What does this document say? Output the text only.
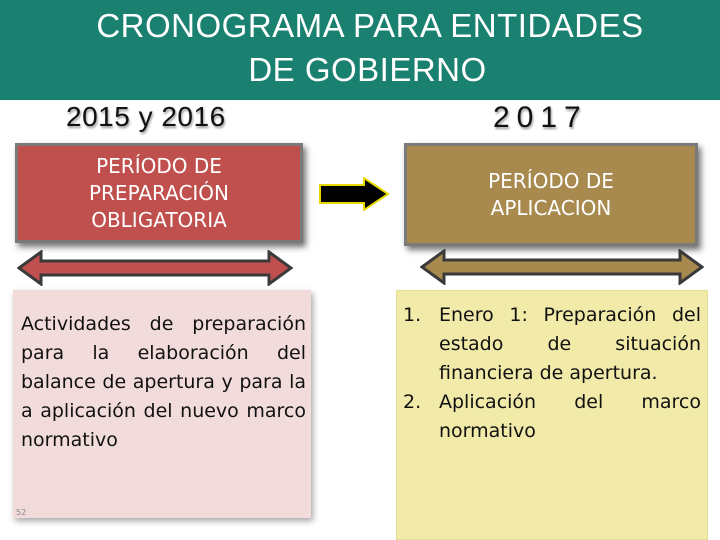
CRONOGRAMA PARA ENTIDADES
DE GOBIERNO
2015 y 2016	2017
PERÍODO DE
PREPARACIÓN
OBLIGATORIA
PERÍODO DE
APLICACION

Actividades de preparación para la elaboración del balance de apertura y para la a aplicación del nuevo marco normativo

52
1. Enero 1: Preparación del estado de situación financiera de apertura.
2. Aplicación del marco normativo
